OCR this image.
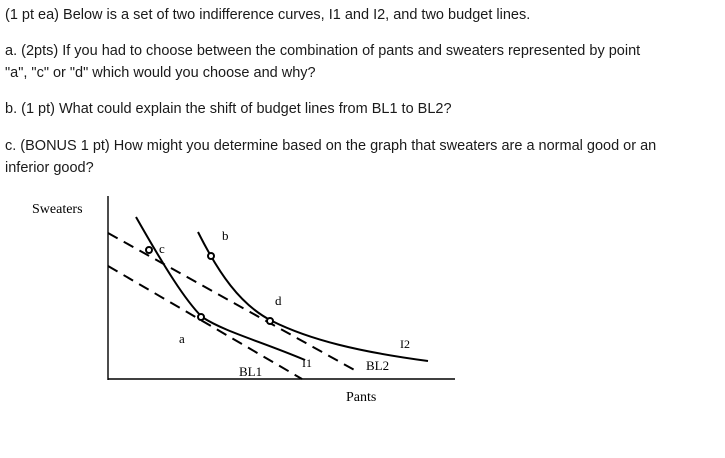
(1 pt ea) Below is a set of two indifference curves, I1 and I2, and two budget lines.
a. (2pts) If you had to choose between the combination of pants and sweaters represented by point
"a", "c" or "d" which would you choose and why?
b. (1 pt) What could explain the shift of budget lines from BL1 to BL2?
c. (BONUS 1 pt) How might you determine based on the graph that sweaters are a normal good or an
inferior good?
Sweaters
Pants
c
b
a
d
I1
I2
BL1	BL2
